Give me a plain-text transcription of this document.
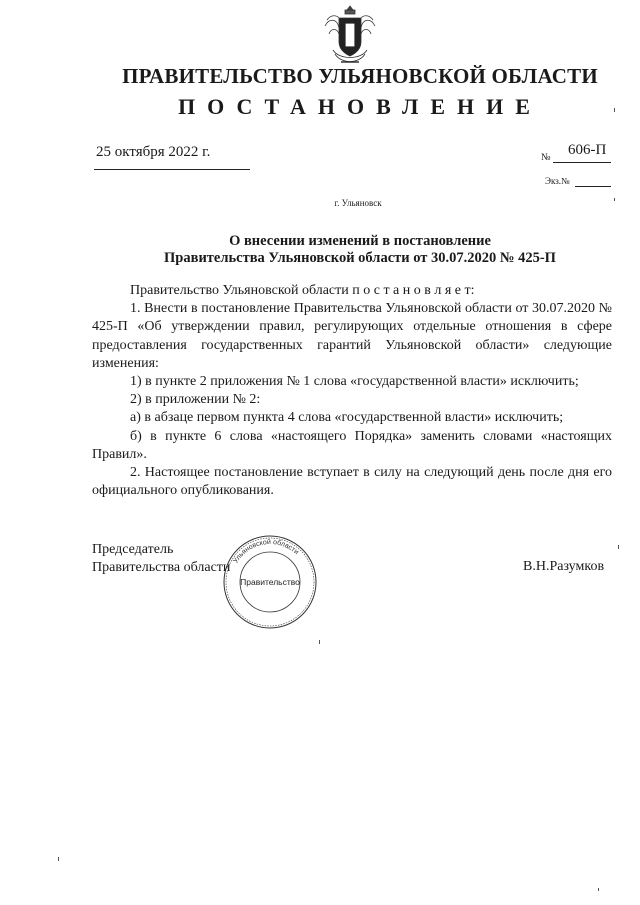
ПРАВИТЕЛЬСТВО УЛЬЯНОВСКОЙ ОБЛАСТИ
ПОСТАНОВЛЕНИЕ
25 октября 2022 г.	№ 606-П
Экз.№
г. Ульяновск
О внесении изменений в постановление
Правительства Ульяновской области от 30.07.2020 № 425-П

Правительство Ульяновской области п о с т а н о в л я е т:

1. Внести в постановление Правительства Ульяновской области от 30.07.2020 № 425-П «Об утверждении правил, регулирующих отдельные отношения в сфере предоставления государственных гарантий Ульяновской области» следующие изменения:

1) в пункте 2 приложения № 1 слова «государственной власти» исключить;

2) в приложении № 2:

а) в абзаце первом пункта 4 слова «государственной власти» исключить;

б) в пункте 6 слова «настоящего Порядка» заменить словами «настоящих Правил».

2. Настоящее постановление вступает в силу на следующий день после дня его официального опубликования.

Председатель
Правительства области	В.Н.Разумков
Ульяновской области
Правительство
